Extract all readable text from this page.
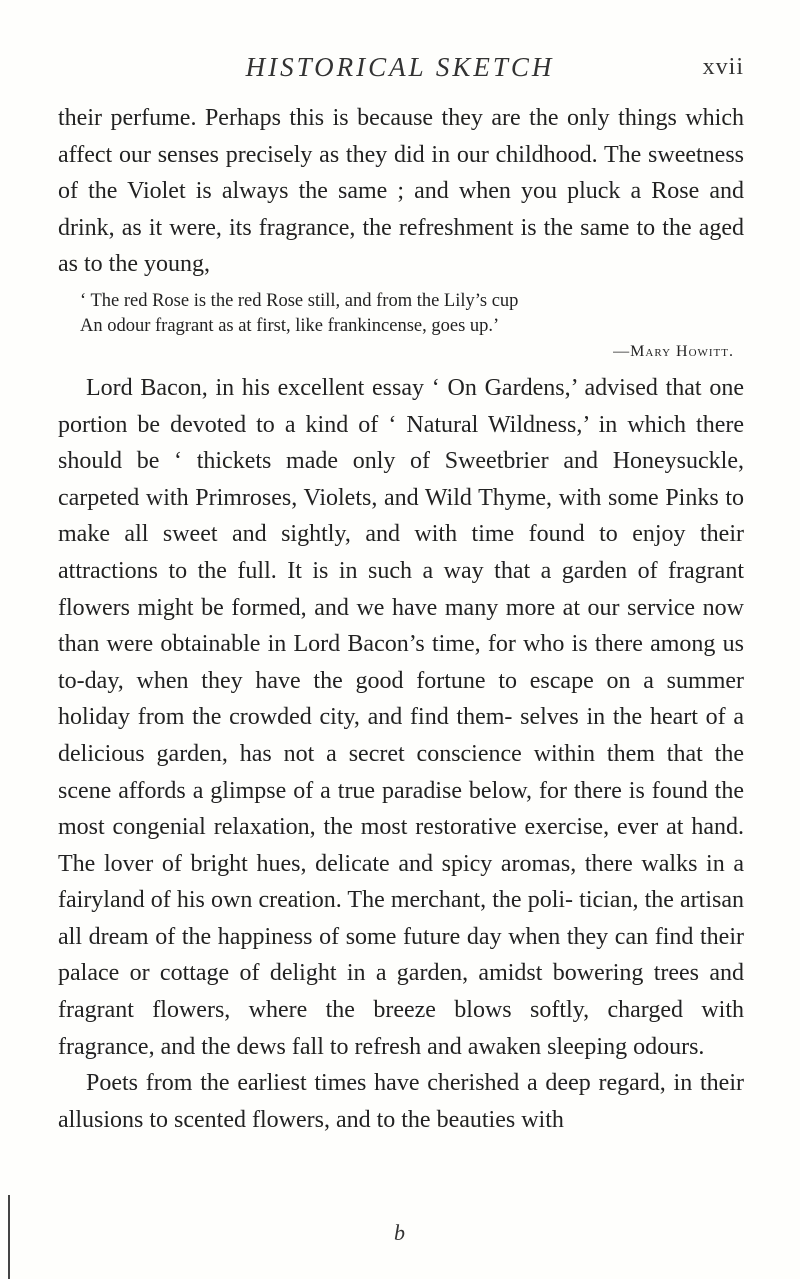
HISTORICAL SKETCH	xvii

their perfume. Perhaps this is because they are the only things which affect our senses precisely as they did in our childhood. The sweetness of the Violet is always the same ; and when you pluck a Rose and drink, as it were, its fragrance, the refreshment is the same to the aged as to the young,

‘ The red Rose is the red Rose still, and from the Lily’s cup
An odour fragrant as at first, like frankincense, goes up.’
—Mary Howitt.

Lord Bacon, in his excellent essay ‘ On Gardens,’ advised that one portion be devoted to a kind of ‘ Natural Wildness,’ in which there should be ‘ thickets made only of Sweetbrier and Honeysuckle, carpeted with Primroses, Violets, and Wild Thyme, with some Pinks to make all sweet and sightly, and with time found to enjoy their attractions to the full. It is in such a way that a garden of fragrant flowers might be formed, and we have many more at our service now than were obtainable in Lord Bacon’s time, for who is there among us to-day, when they have the good fortune to escape on a summer holiday from the crowded city, and find them- selves in the heart of a delicious garden, has not a secret conscience within them that the scene affords a glimpse of a true paradise below, for there is found the most congenial relaxation, the most restorative exercise, ever at hand. The lover of bright hues, delicate and spicy aromas, there walks in a fairyland of his own creation. The merchant, the poli- tician, the artisan all dream of the happiness of some future day when they can find their palace or cottage of delight in a garden, amidst bowering trees and fragrant flowers, where the breeze blows softly, charged with fragrance, and the dews fall to refresh and awaken sleeping odours.

Poets from the earliest times have cherished a deep regard, in their allusions to scented flowers, and to the beauties with

b
